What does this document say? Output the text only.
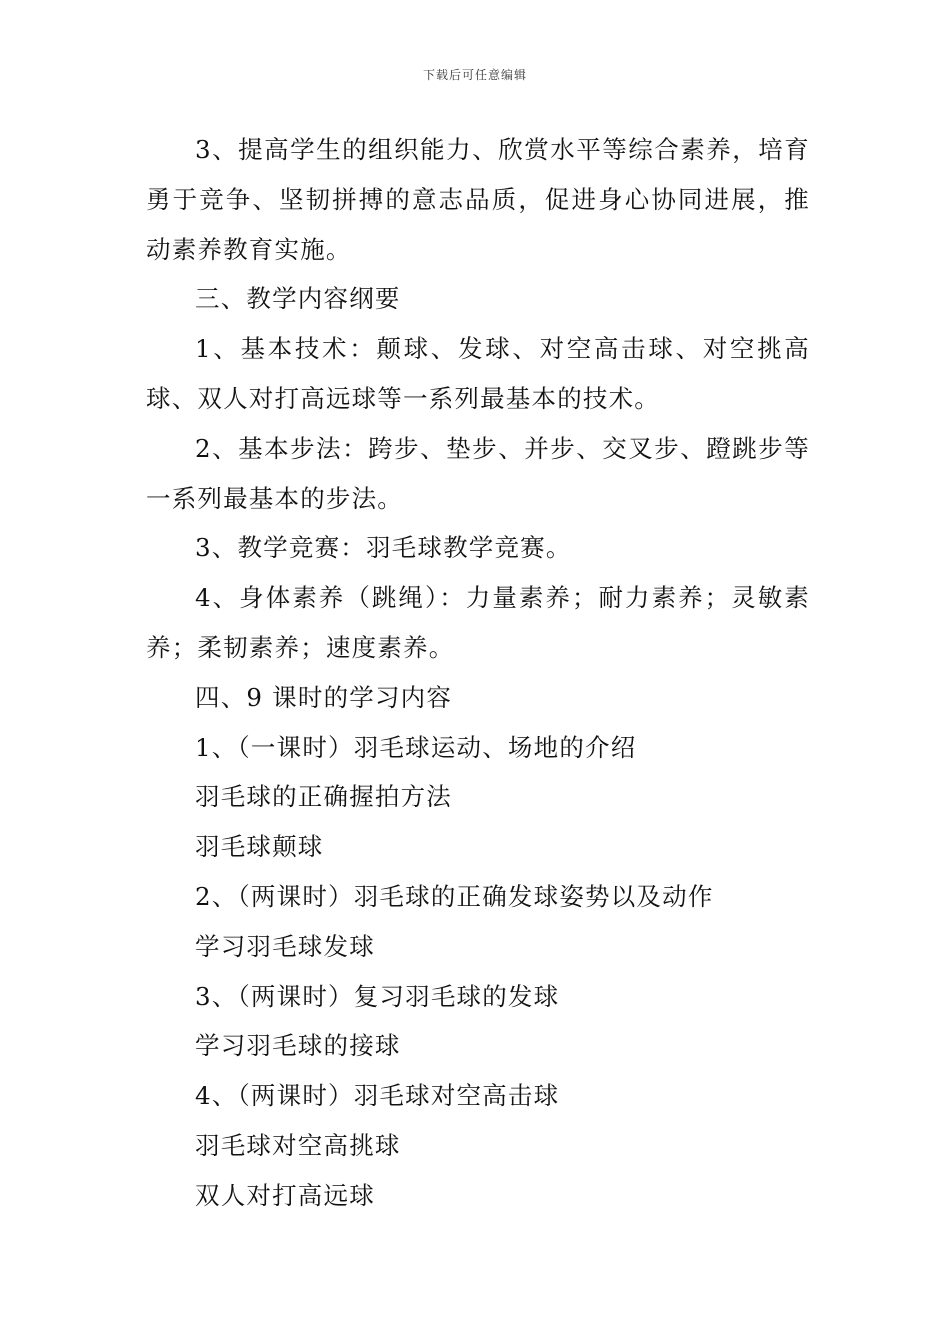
下载后可任意编辑

3、提高学生的组织能力、欣赏水平等综合素养，培育勇于竞争、坚韧拼搏的意志品质，促进身心协同进展，推动素养教育实施。

三、教学内容纲要

1、基本技术：颠球、发球、对空高击球、对空挑高球、双人对打高远球等一系列最基本的技术。

2、基本步法：跨步、垫步、并步、交叉步、蹬跳步等一系列最基本的步法。

3、教学竞赛：羽毛球教学竞赛。

4、身体素养（跳绳）：力量素养；耐力素养；灵敏素养；柔韧素养；速度素养。

四、9 课时的学习内容

1、（一课时）羽毛球运动、场地的介绍

羽毛球的正确握拍方法

羽毛球颠球

2、（两课时）羽毛球的正确发球姿势以及动作

学习羽毛球发球

3、（两课时）复习羽毛球的发球

学习羽毛球的接球

4、（两课时）羽毛球对空高击球

羽毛球对空高挑球

双人对打高远球
